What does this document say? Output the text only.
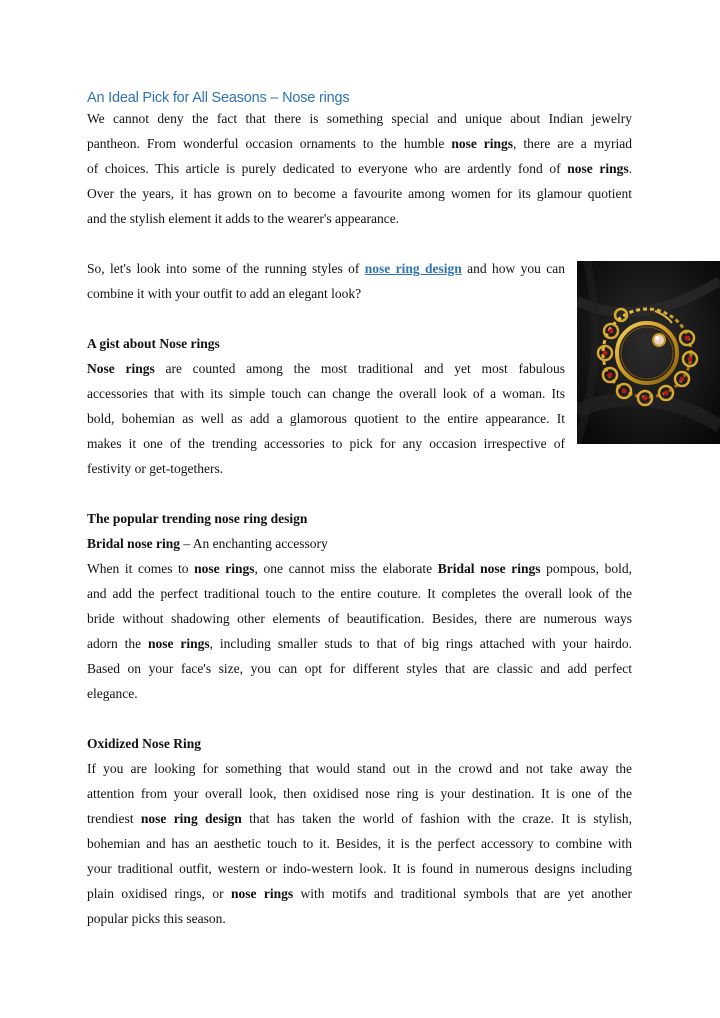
An Ideal Pick for All Seasons – Nose rings
We cannot deny the fact that there is something special and unique about Indian jewelry
pantheon. From wonderful occasion ornaments to the humble nose rings, there are a myriad
of choices. This article is purely dedicated to everyone who are ardently fond of nose rings.
Over the years, it has grown on to become a favourite among women for its glamour quotient
and the stylish element it adds to the wearer's appearance.
So, let's look into some of the running styles of nose ring design and how you can
combine it with your outfit to add an elegant look?
A gist about Nose rings
Nose rings are counted among the most traditional and yet most fabulous
accessories that with its simple touch can change the overall look of a woman. Its
bold, bohemian as well as add a glamorous quotient to the entire appearance. It
makes it one of the trending accessories to pick for any occasion irrespective of
festivity or get-togethers.
The popular trending nose ring design
Bridal nose ring – An enchanting accessory
When it comes to nose rings, one cannot miss the elaborate Bridal nose rings pompous, bold,
and add the perfect traditional touch to the entire couture. It completes the overall look of the
bride without shadowing other elements of beautification. Besides, there are numerous ways
adorn the nose rings, including smaller studs to that of big rings attached with your hairdo.
Based on your face's size, you can opt for different styles that are classic and add perfect
elegance.
Oxidized Nose Ring
If you are looking for something that would stand out in the crowd and not take away the
attention from your overall look, then oxidised nose ring is your destination. It is one of the
trendiest nose ring design that has taken the world of fashion with the craze. It is stylish,
bohemian and has an aesthetic touch to it. Besides, it is the perfect accessory to combine with
your traditional outfit, western or indo-western look. It is found in numerous designs including
plain oxidised rings, or nose rings with motifs and traditional symbols that are yet another
popular picks this season.
